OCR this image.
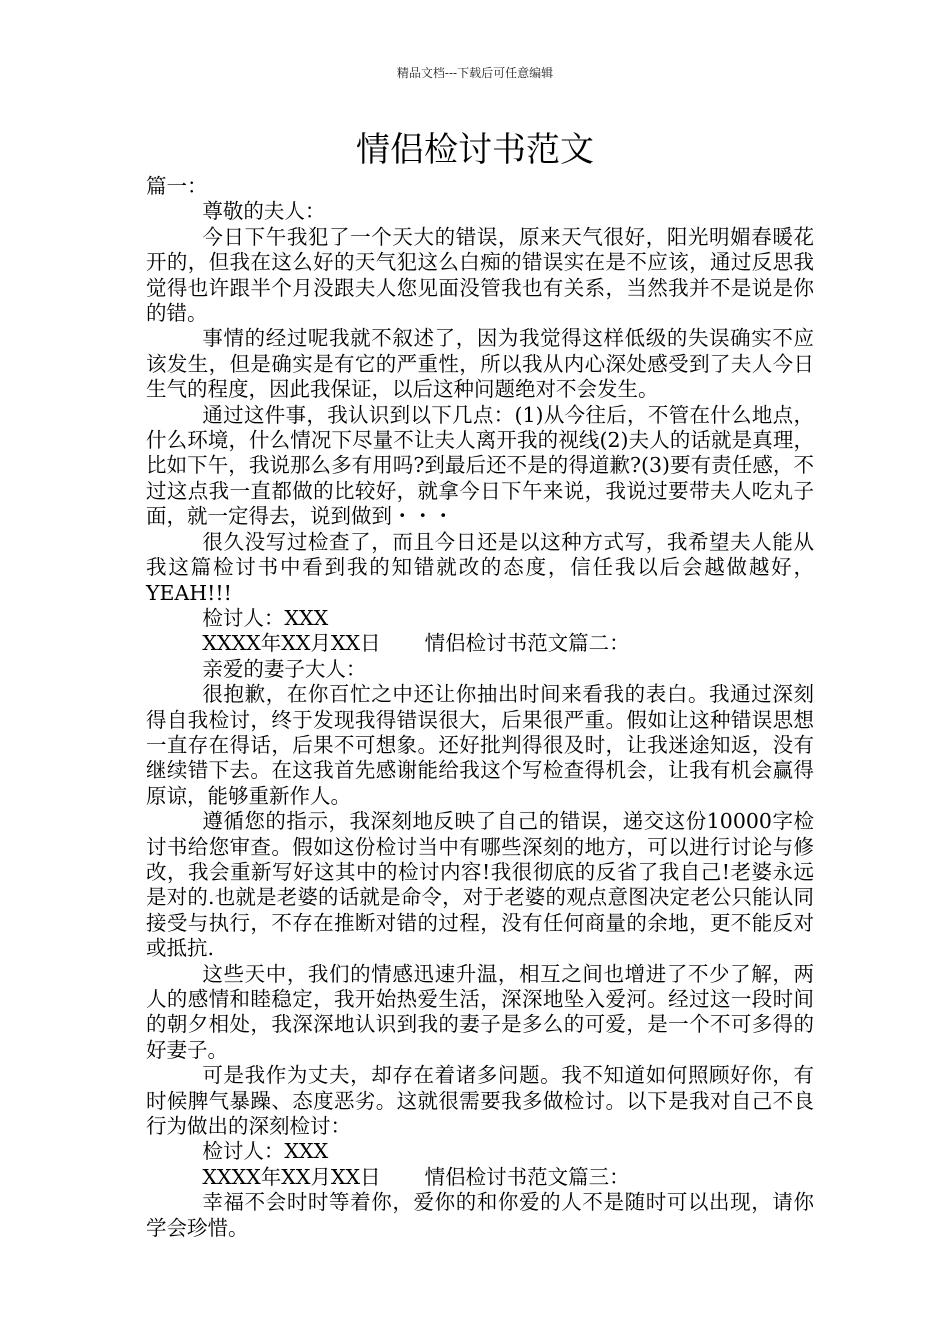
精品文档---下载后可任意编辑
情侣检讨书范文

篇一：

尊敬的夫人：

今日下午我犯了一个天大的错误，原来天气很好，阳光明媚春暖花开的，但我在这么好的天气犯这么白痴的错误实在是不应该，通过反思我觉得也许跟半个月没跟夫人您见面没管我也有关系，当然我并不是说是你的错。

事情的经过呢我就不叙述了，因为我觉得这样低级的失误确实不应该发生，但是确实是有它的严重性，所以我从内心深处感受到了夫人今日生气的程度，因此我保证，以后这种问题绝对不会发生。

通过这件事，我认识到以下几点：(1)从今往后，不管在什么地点，什么环境，什么情况下尽量不让夫人离开我的视线(2)夫人的话就是真理，比如下午，我说那么多有用吗?到最后还不是的得道歉?(3)要有责任感，不过这点我一直都做的比较好，就拿今日下午来说，我说过要带夫人吃丸子面，就一定得去，说到做到・・・

很久没写过检查了，而且今日还是以这种方式写，我希望夫人能从我这篇检讨书中看到我的知错就改的态度，信任我以后会越做越好，YEAH!!!

检讨人：XXX

XXXX年XX月XX日 情侣检讨书范文篇二：

亲爱的妻子大人：

很抱歉，在你百忙之中还让你抽出时间来看我的表白。我通过深刻得自我检讨，终于发现我得错误很大，后果很严重。假如让这种错误思想一直存在得话，后果不可想象。还好批判得很及时，让我迷途知返，没有继续错下去。在这我首先感谢能给我这个写检查得机会，让我有机会赢得原谅，能够重新作人。

遵循您的指示，我深刻地反映了自己的错误，递交这份10000字检讨书给您审查。假如这份检讨当中有哪些深刻的地方，可以进行讨论与修改，我会重新写好这其中的检讨内容!我很彻底的反省了我自己!老婆永远是对的.也就是老婆的话就是命令，对于老婆的观点意图决定老公只能认同接受与执行，不存在推断对错的过程，没有任何商量的余地，更不能反对或抵抗.

这些天中，我们的情感迅速升温，相互之间也增进了不少了解，两人的感情和睦稳定，我开始热爱生活，深深地坠入爱河。经过这一段时间的朝夕相处，我深深地认识到我的妻子是多么的可爱，是一个不可多得的好妻子。

可是我作为丈夫，却存在着诸多问题。我不知道如何照顾好你，有时候脾气暴躁、态度恶劣。这就很需要我多做检讨。以下是我对自己不良行为做出的深刻检讨：

检讨人：XXX

XXXX年XX月XX日 情侣检讨书范文篇三：

幸福不会时时等着你，爱你的和你爱的人不是随时可以出现，请你学会珍惜。
